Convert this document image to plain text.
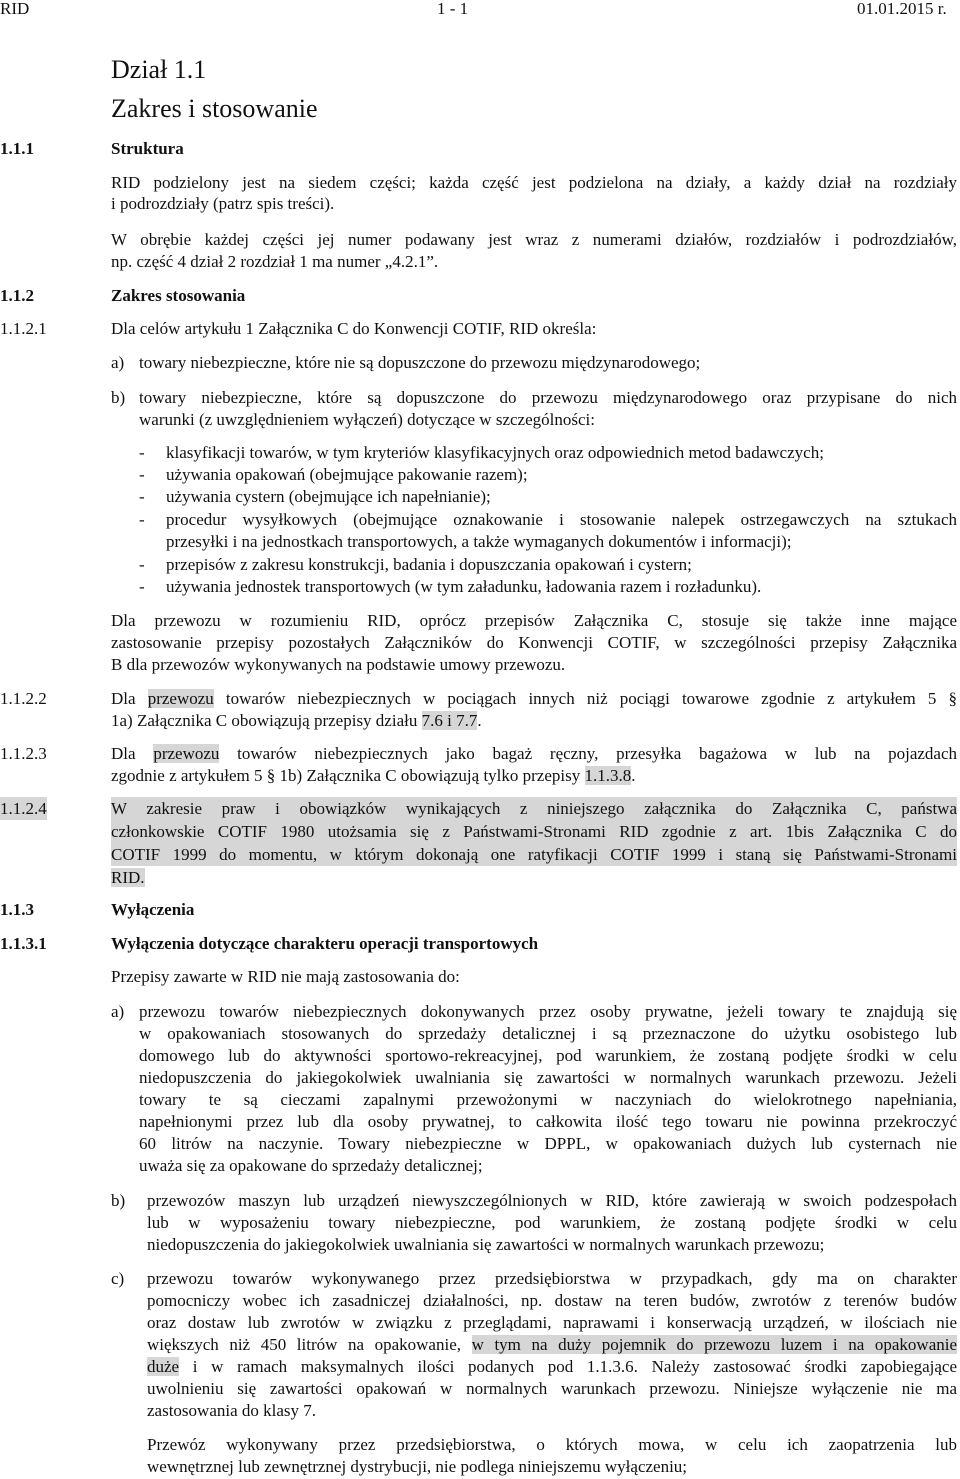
RID	1 - 1	01.01.2015 r.
Dział 1.1
Zakres i stosowanie
1.1.1	Struktura
RID podzielony jest na siedem części; każda część jest podzielona na działy, a każdy dział na rozdziały
i podrozdziały (patrz spis treści).
W obrębie każdej części jej numer podawany jest wraz z numerami działów, rozdziałów i podrozdziałów,
np. część 4 dział 2 rozdział 1 ma numer „4.2.1”.
1.1.2	Zakres stosowania
1.1.2.1	Dla celów artykułu 1 Załącznika C do Konwencji COTIF, RID określa:
a) towary niebezpieczne, które nie są dopuszczone do przewozu międzynarodowego;
b) towary niebezpieczne, które są dopuszczone do przewozu międzynarodowego oraz przypisane do nich
warunki (z uwzględnieniem wyłączeń) dotyczące w szczególności:
- klasyfikacji towarów, w tym kryteriów klasyfikacyjnych oraz odpowiednich metod badawczych;
- używania opakowań (obejmujące pakowanie razem);
- używania cystern (obejmujące ich napełnianie);
- procedur wysyłkowych (obejmujące oznakowanie i stosowanie nalepek ostrzegawczych na sztukach
przesyłki i na jednostkach transportowych, a także wymaganych dokumentów i informacji);
- przepisów z zakresu konstrukcji, badania i dopuszczania opakowań i cystern;
- używania jednostek transportowych (w tym załadunku, ładowania razem i rozładunku).
Dla przewozu w rozumieniu RID, oprócz przepisów Załącznika C, stosuje się także inne mające
zastosowanie przepisy pozostałych Załączników do Konwencji COTIF, w szczególności przepisy Załącznika
B dla przewozów wykonywanych na podstawie umowy przewozu.
1.1.2.2	Dla przewozu towarów niebezpiecznych w pociągach innych niż pociągi towarowe zgodnie z artykułem 5 §
1a) Załącznika C obowiązują przepisy działu 7.6 i 7.7.
1.1.2.3	Dla przewozu towarów niebezpiecznych jako bagaż ręczny, przesyłka bagażowa w lub na pojazdach
zgodnie z artykułem 5 § 1b) Załącznika C obowiązują tylko przepisy 1.1.3.8.
1.1.2.4	W zakresie praw i obowiązków wynikających z niniejszego załącznika do Załącznika C, państwa
członkowskie COTIF 1980 utożsamia się z Państwami-Stronami RID zgodnie z art. 1bis Załącznika C do
COTIF 1999 do momentu, w którym dokonają one ratyfikacji COTIF 1999 i staną się Państwami-Stronami
RID.
1.1.3	Wyłączenia
1.1.3.1	Wyłączenia dotyczące charakteru operacji transportowych
Przepisy zawarte w RID nie mają zastosowania do:
a) przewozu towarów niebezpiecznych dokonywanych przez osoby prywatne, jeżeli towary te znajdują się
w opakowaniach stosowanych do sprzedaży detalicznej i są przeznaczone do użytku osobistego lub
domowego lub do aktywności sportowo-rekreacyjnej, pod warunkiem, że zostaną podjęte środki w celu
niedopuszczenia do jakiegokolwiek uwalniania się zawartości w normalnych warunkach przewozu. Jeżeli
towary te są cieczami zapalnymi przewożonymi w naczyniach do wielokrotnego napełniania,
napełnionymi przez lub dla osoby prywatnej, to całkowita ilość tego towaru nie powinna przekroczyć
60 litrów na naczynie. Towary niebezpieczne w DPPL, w opakowaniach dużych lub cysternach nie
uważa się za opakowane do sprzedaży detalicznej;
b) przewozów maszyn lub urządzeń niewyszczególnionych w RID, które zawierają w swoich podzespołach
lub w wyposażeniu towary niebezpieczne, pod warunkiem, że zostaną podjęte środki w celu
niedopuszczenia do jakiegokolwiek uwalniania się zawartości w normalnych warunkach przewozu;
c) przewozu towarów wykonywanego przez przedsiębiorstwa w przypadkach, gdy ma on charakter
pomocniczy wobec ich zasadniczej działalności, np. dostaw na teren budów, zwrotów z terenów budów
oraz dostaw lub zwrotów w związku z przeglądami, naprawami i konserwacją urządzeń, w ilościach nie
większych niż 450 litrów na opakowanie, w tym na duży pojemnik do przewozu luzem i na opakowanie
duże i w ramach maksymalnych ilości podanych pod 1.1.3.6. Należy zastosować środki zapobiegające
uwolnieniu się zawartości opakowań w normalnych warunkach przewozu. Niniejsze wyłączenie nie ma
zastosowania do klasy 7.
Przewóz wykonywany przez przedsiębiorstwa, o których mowa, w celu ich zaopatrzenia lub
wewnętrznej lub zewnętrznej dystrybucji, nie podlega niniejszemu wyłączeniu;
